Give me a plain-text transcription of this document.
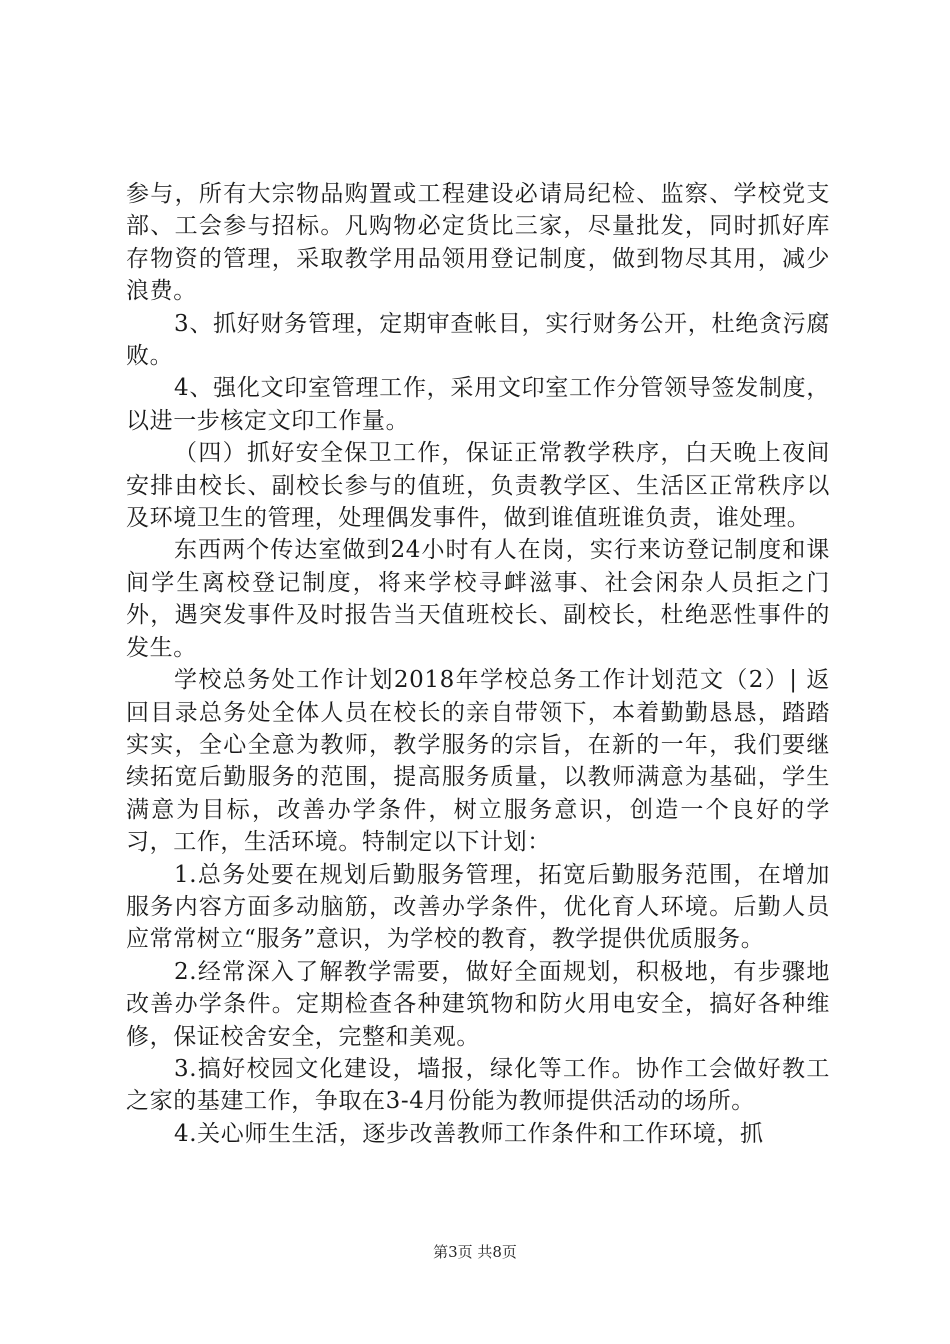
参与，所有大宗物品购置或工程建设必请局纪检、监察、学校党支部、工会参与招标。凡购物必定货比三家，尽量批发，同时抓好库存物资的管理，采取教学用品领用登记制度，做到物尽其用，减少浪费。

3、抓好财务管理，定期审查帐目，实行财务公开，杜绝贪污腐败。

4、强化文印室管理工作，采用文印室工作分管领导签发制度，以进一步核定文印工作量。

（四）抓好安全保卫工作，保证正常教学秩序，白天晚上夜间安排由校长、副校长参与的值班，负责教学区、生活区正常秩序以及环境卫生的管理，处理偶发事件，做到谁值班谁负责，谁处理。

东西两个传达室做到24小时有人在岗，实行来访登记制度和课间学生离校登记制度，将来学校寻衅滋事、社会闲杂人员拒之门外，遇突发事件及时报告当天值班校长、副校长，杜绝恶性事件的发生。

学校总务处工作计划2018年学校总务工作计划范文（2）| 返回目录总务处全体人员在校长的亲自带领下，本着勤勤恳恳，踏踏实实，全心全意为教师，教学服务的宗旨，在新的一年，我们要继续拓宽后勤服务的范围，提高服务质量，以教师满意为基础，学生满意为目标，改善办学条件，树立服务意识，创造一个良好的学习，工作，生活环境。特制定以下计划：

1.总务处要在规划后勤服务管理，拓宽后勤服务范围，在增加服务内容方面多动脑筋，改善办学条件，优化育人环境。后勤人员应常常树立“服务”意识，为学校的教育，教学提供优质服务。

2.经常深入了解教学需要，做好全面规划，积极地，有步骤地改善办学条件。定期检查各种建筑物和防火用电安全，搞好各种维修，保证校舍安全，完整和美观。

3.搞好校园文化建设，墙报，绿化等工作。协作工会做好教工之家的基建工作，争取在3-4月份能为教师提供活动的场所。

4.关心师生生活，逐步改善教师工作条件和工作环境，抓

第3页 共8页
